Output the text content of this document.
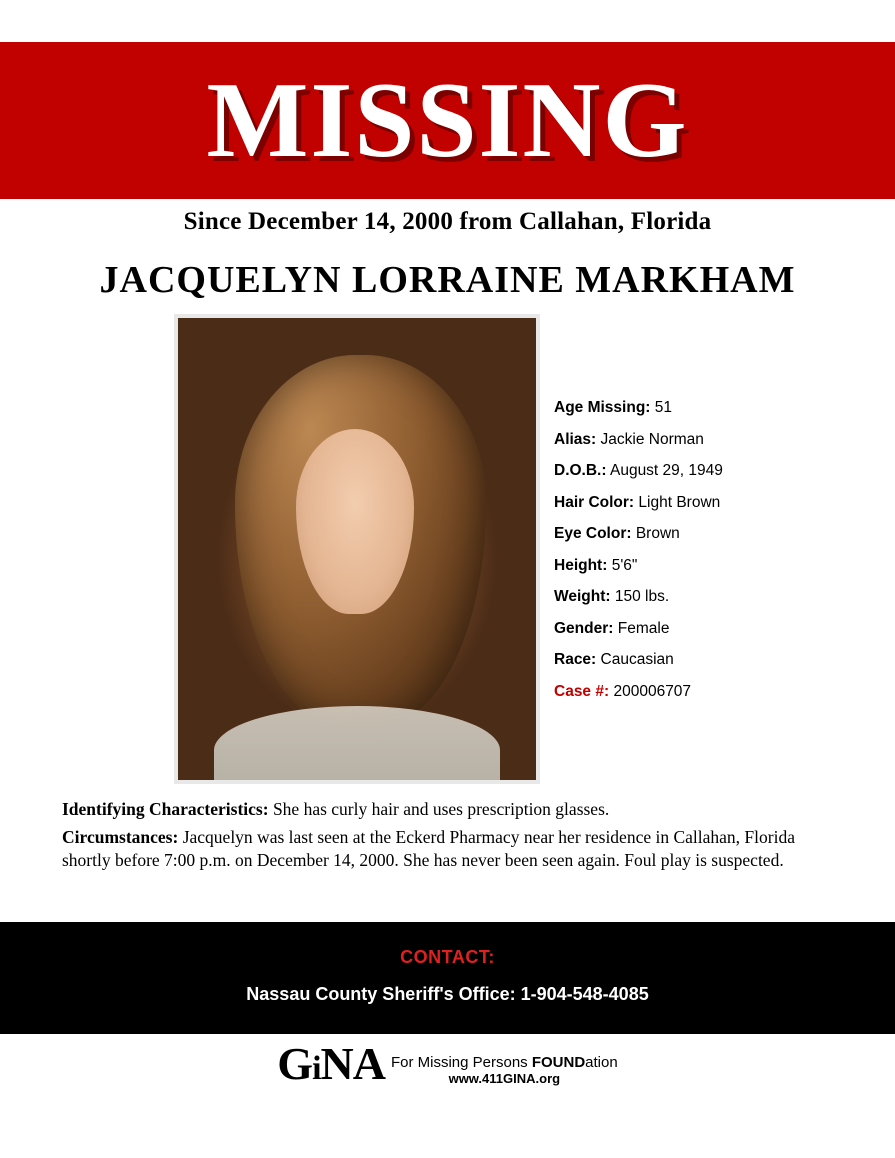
MISSING
Since December 14, 2000 from Callahan, Florida
JACQUELYN LORRAINE MARKHAM
Age Missing: 51
Alias: Jackie Norman
D.O.B.: August 29, 1949
Hair Color: Light Brown
Eye Color: Brown
Height: 5'6"
Weight: 150 lbs.
Gender: Female
Race: Caucasian
Case #: 200006707

Identifying Characteristics: She has curly hair and uses prescription glasses.

Circumstances: Jacquelyn was last seen at the Eckerd Pharmacy near her residence in Callahan, Florida shortly before 7:00 p.m. on December 14, 2000. She has never been seen again. Foul play is suspected.

CONTACT:
Nassau County Sheriff's Office: 1-904-548-4085
GiNA For Missing Persons FOUNDation
www.411GINA.org
